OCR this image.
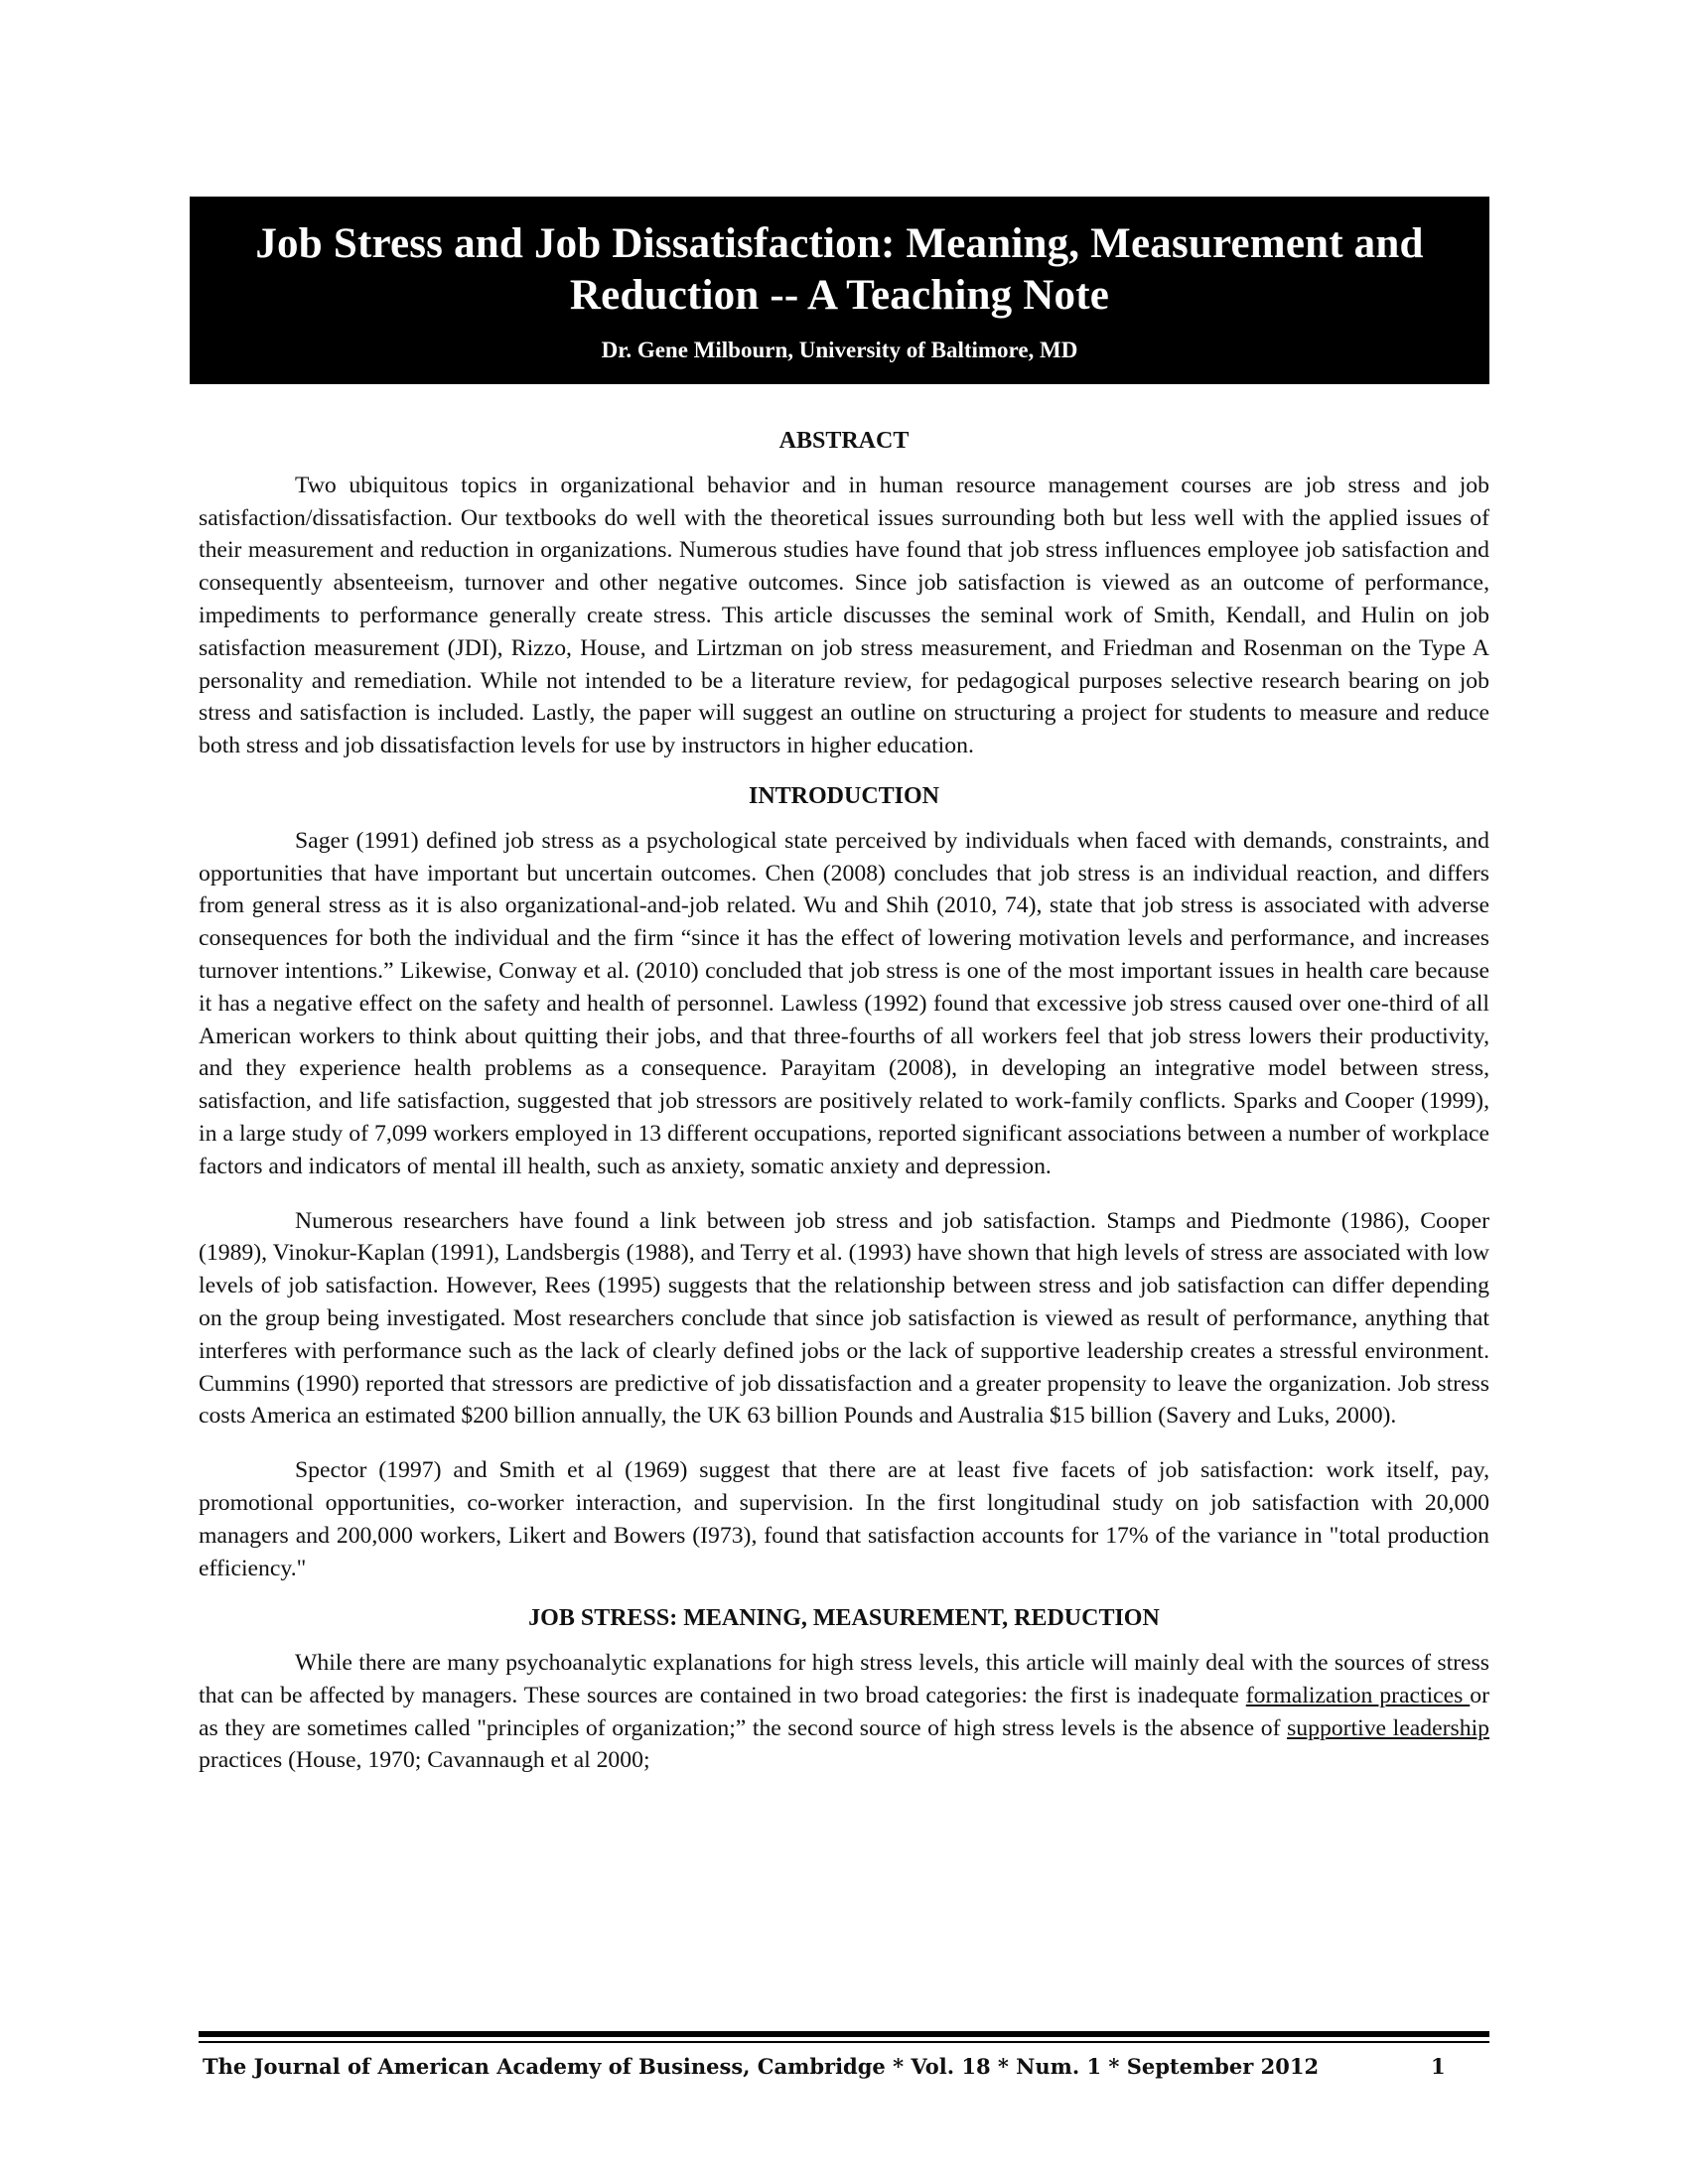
Job Stress and Job Dissatisfaction: Meaning, Measurement and

Reduction -- A Teaching Note

Dr. Gene Milbourn, University of Baltimore, MD
ABSTRACT

Two ubiquitous topics in organizational behavior and in human resource management courses are job stress and job satisfaction/dissatisfaction. Our textbooks do well with the theoretical issues surrounding both but less well with the applied issues of their measurement and reduction in organizations. Numerous studies have found that job stress influences employee job satisfaction and consequently absenteeism, turnover and other negative outcomes. Since job satisfaction is viewed as an outcome of performance, impediments to performance generally create stress. This article discusses the seminal work of Smith, Kendall, and Hulin on job satisfaction measurement (JDI), Rizzo, House, and Lirtzman on job stress measurement, and Friedman and Rosenman on the Type A personality and remediation. While not intended to be a literature review, for pedagogical purposes selective research bearing on job stress and satisfaction is included. Lastly, the paper will suggest an outline on structuring a project for students to measure and reduce both stress and job dissatisfaction levels for use by instructors in higher education.

INTRODUCTION

Sager (1991) defined job stress as a psychological state perceived by individuals when faced with demands, constraints, and opportunities that have important but uncertain outcomes. Chen (2008) concludes that job stress is an individual reaction, and differs from general stress as it is also organizational-and-job related. Wu and Shih (2010, 74), state that job stress is associated with adverse consequences for both the individual and the firm “since it has the effect of lowering motivation levels and performance, and increases turnover intentions.” Likewise, Conway et al. (2010) concluded that job stress is one of the most important issues in health care because it has a negative effect on the safety and health of personnel. Lawless (1992) found that excessive job stress caused over one-third of all American workers to think about quitting their jobs, and that three-fourths of all workers feel that job stress lowers their productivity, and they experience health problems as a consequence. Parayitam (2008), in developing an integrative model between stress, satisfaction, and life satisfaction, suggested that job stressors are positively related to work-family conflicts. Sparks and Cooper (1999), in a large study of 7,099 workers employed in 13 different occupations, reported significant associations between a number of workplace factors and indicators of mental ill health, such as anxiety, somatic anxiety and depression.

Numerous researchers have found a link between job stress and job satisfaction. Stamps and Piedmonte (1986), Cooper (1989), Vinokur-Kaplan (1991), Landsbergis (1988), and Terry et al. (1993) have shown that high levels of stress are associated with low levels of job satisfaction. However, Rees (1995) suggests that the relationship between stress and job satisfaction can differ depending on the group being investigated. Most researchers conclude that since job satisfaction is viewed as result of performance, anything that interferes with performance such as the lack of clearly defined jobs or the lack of supportive leadership creates a stressful environment. Cummins (1990) reported that stressors are predictive of job dissatisfaction and a greater propensity to leave the organization. Job stress costs America an estimated $200 billion annually, the UK 63 billion Pounds and Australia $15 billion (Savery and Luks, 2000).

Spector (1997) and Smith et al (1969) suggest that there are at least five facets of job satisfaction: work itself, pay, promotional opportunities, co-worker interaction, and supervision. In the first longitudinal study on job satisfaction with 20,000 managers and 200,000 workers, Likert and Bowers (I973), found that satisfaction accounts for 17% of the variance in "total production efficiency."

JOB STRESS: MEANING, MEASUREMENT, REDUCTION

While there are many psychoanalytic explanations for high stress levels, this article will mainly deal with the sources of stress that can be affected by managers. These sources are contained in two broad categories: the first is inadequate formalization practices or as they are sometimes called "principles of organization;” the second source of high stress levels is the absence of supportive leadership practices (House, 1970; Cavannaugh et al 2000;

The Journal of American Academy of Business, Cambridge * Vol. 18 * Num. 1 * September 2012	1
